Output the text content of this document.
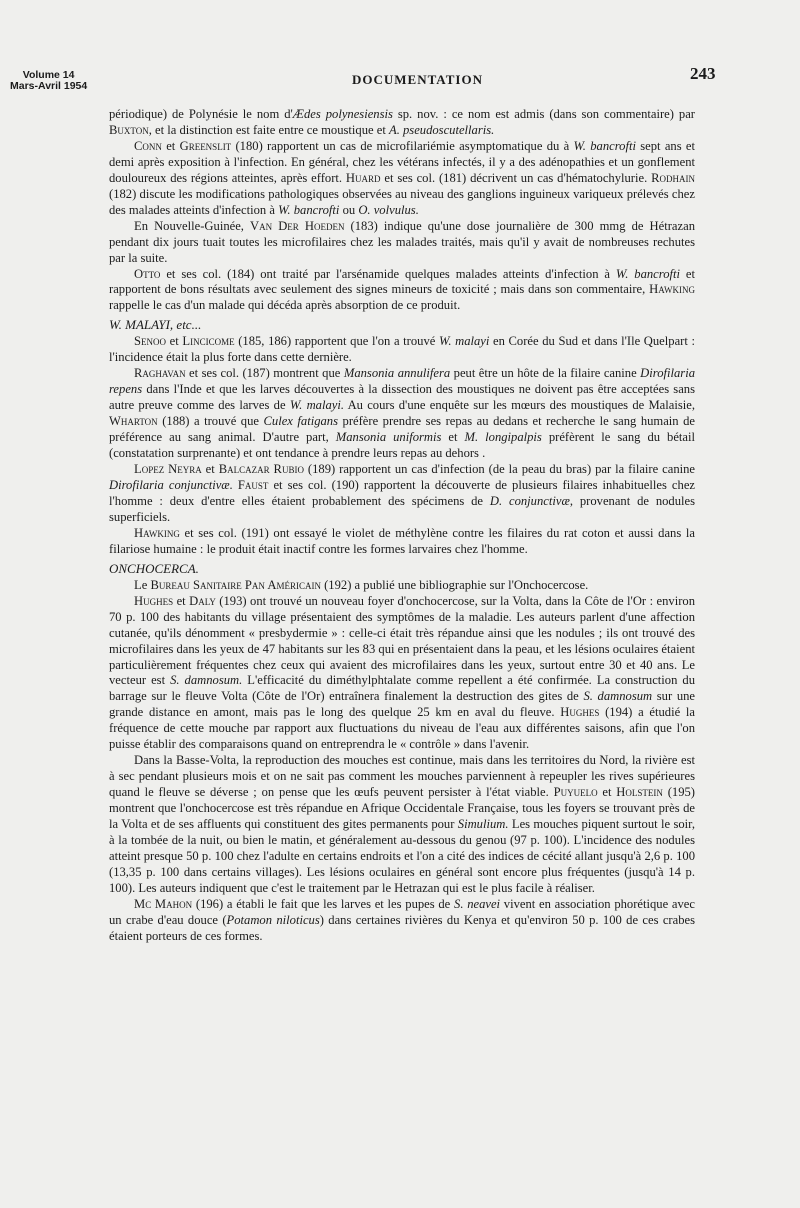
Volume 14
Mars-Avril 1954	DOCUMENTATION	243

périodique) de Polynésie le nom d'Ædes polynesiensis sp. nov. : ce nom est admis (dans son commentaire) par Buxton, et la distinction est faite entre ce moustique et A. pseudoscutellaris.

Conn et Greenslit (180) rapportent un cas de microfilariémie asymptomatique du à W. bancrofti sept ans et demi après exposition à l'infection. En général, chez les vétérans infectés, il y a des adénopathies et un gonflement douloureux des régions atteintes, après effort. Huard et ses col. (181) décrivent un cas d'hématochylurie. Rodhain (182) discute les modifications pathologiques observées au niveau des ganglions inguineux variqueux prélevés chez des malades atteints d'infection à W. bancrofti ou O. volvulus.

En Nouvelle-Guinée, Van Der Hoeden (183) indique qu'une dose journalière de 300 mmg de Hétrazan pendant dix jours tuait toutes les microfilaires chez les malades traités, mais qu'il y avait de nombreuses rechutes par la suite.

Otto et ses col. (184) ont traité par l'arsénamide quelques malades atteints d'infection à W. bancrofti et rapportent de bons résultats avec seulement des signes mineurs de toxicité ; mais dans son commentaire, Hawking rappelle le cas d'un malade qui décéda après absorption de ce produit.

W. MALAYI, etc...

Senoo et Lincicome (185, 186) rapportent que l'on a trouvé W. malayi en Corée du Sud et dans l'Ile Quelpart : l'incidence était la plus forte dans cette dernière.

Raghavan et ses col. (187) montrent que Mansonia annulifera peut être un hôte de la filaire canine Dirofilaria repens dans l'Inde et que les larves découvertes à la dissection des moustiques ne doivent pas être acceptées sans autre preuve comme des larves de W. malayi. Au cours d'une enquête sur les mœurs des moustiques de Malaisie, Wharton (188) a trouvé que Culex fatigans préfère prendre ses repas au dedans et recherche le sang humain de préférence au sang animal. D'autre part, Mansonia uniformis et M. longipalpis préfèrent le sang du bétail (constatation surprenante) et ont tendance à prendre leurs repas au dehors .

Lopez Neyra et Balcazar Rubio (189) rapportent un cas d'infection (de la peau du bras) par la filaire canine Dirofilaria conjunctivæ. Faust et ses col. (190) rapportent la découverte de plusieurs filaires inhabituelles chez l'homme : deux d'entre elles étaient probablement des spécimens de D. conjunctivæ, provenant de nodules superficiels.

Hawking et ses col. (191) ont essayé le violet de méthylène contre les filaires du rat coton et aussi dans la filariose humaine : le produit était inactif contre les formes larvaires chez l'homme.

ONCHOCERCA.

Le Bureau Sanitaire Pan Américain (192) a publié une bibliographie sur l'Onchocercose.

Hughes et Daly (193) ont trouvé un nouveau foyer d'onchocercose, sur la Volta, dans la Côte de l'Or : environ 70 p. 100 des habitants du village présentaient des symptômes de la maladie. Les auteurs parlent d'une affection cutanée, qu'ils dénomment « presbydermie » : celle-ci était très répandue ainsi que les nodules ; ils ont trouvé des microfilaires dans les yeux de 47 habitants sur les 83 qui en présentaient dans la peau, et les lésions oculaires étaient particulièrement fréquentes chez ceux qui avaient des microfilaires dans les yeux, surtout entre 30 et 40 ans. Le vecteur est S. damnosum. L'efficacité du diméthylphtalate comme repellent a été confirmée. La construction du barrage sur le fleuve Volta (Côte de l'Or) entraînera finalement la destruction des gites de S. damnosum sur une grande distance en amont, mais pas le long des quelque 25 km en aval du fleuve. Hughes (194) a étudié la fréquence de cette mouche par rapport aux fluctuations du niveau de l'eau aux différentes saisons, afin que l'on puisse établir des comparaisons quand on entreprendra le « contrôle » dans l'avenir.

Dans la Basse-Volta, la reproduction des mouches est continue, mais dans les territoires du Nord, la rivière est à sec pendant plusieurs mois et on ne sait pas comment les mouches parviennent à repeupler les rives supérieures quand le fleuve se déverse ; on pense que les œufs peuvent persister à l'état viable. Puyuelo et Holstein (195) montrent que l'onchocercose est très répandue en Afrique Occidentale Française, tous les foyers se trouvant près de la Volta et de ses affluents qui constituent des gites permanents pour Simulium. Les mouches piquent surtout le soir, à la tombée de la nuit, ou bien le matin, et généralement au-dessous du genou (97 p. 100). L'incidence des nodules atteint presque 50 p. 100 chez l'adulte en certains endroits et l'on a cité des indices de cécité allant jusqu'à 2,6 p. 100 (13,35 p. 100 dans certains villages). Les lésions oculaires en général sont encore plus fréquentes (jusqu'à 14 p. 100). Les auteurs indiquent que c'est le traitement par le Hetrazan qui est le plus facile à réaliser.

Mc Mahon (196) a établi le fait que les larves et les pupes de S. neavei vivent en association phorétique avec un crabe d'eau douce (Potamon niloticus) dans certaines rivières du Kenya et qu'environ 50 p. 100 de ces crabes étaient porteurs de ces formes.
